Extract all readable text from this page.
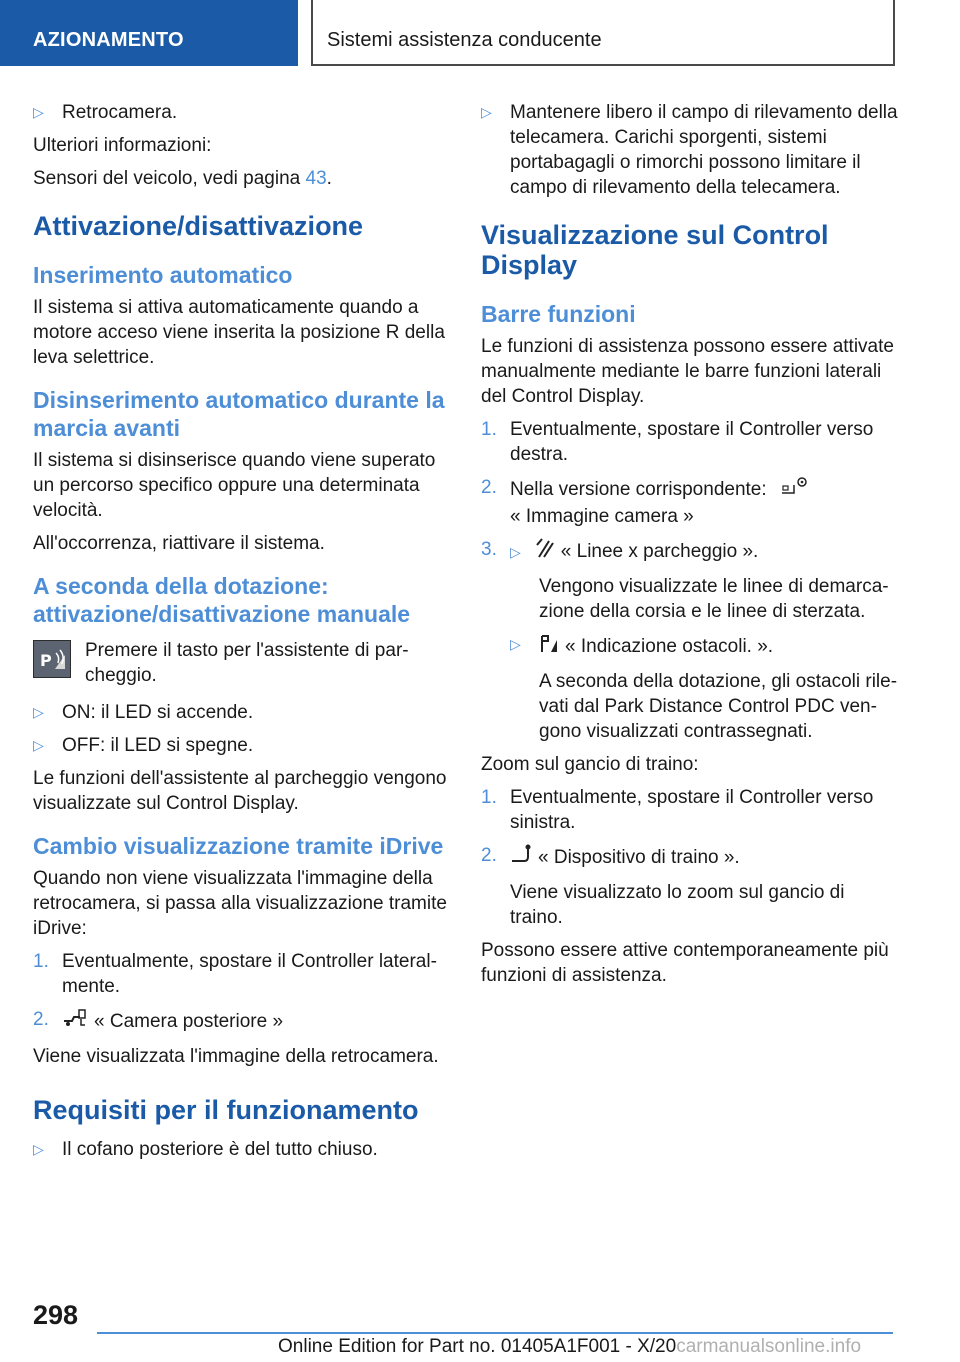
AZIONAMENTO	Sistemi assistenza conducente
▷ Retrocamera.

Ulteriori informazioni:

Sensori del veicolo, vedi pagina 43.

Attivazione/disattivazione
Inserimento automatico

Il sistema si attiva automaticamente quando a motore acceso viene inserita la posizione R della leva selettrice.

Disinserimento automatico durante la marcia avanti

Il sistema si disinserisce quando viene superato un percorso specifico oppure una determinata velocità.

All'occorrenza, riattivare il sistema.

A seconda della dotazione: attivazione/disattivazione manuale
P Premere il tasto per l'assistente di parcheggio.
▷ ON: il LED si accende.
▷ OFF: il LED si spegne.

Le funzioni dell'assistente al parcheggio vengono visualizzate sul Control Display.

Cambio visualizzazione tramite iDrive

Quando non viene visualizzata l'immagine della retrocamera, si passa alla visualizzazione tramite iDrive:

1. Eventualmente, spostare il Controller lateralmente.
2. « Camera posteriore »

Viene visualizzata l'immagine della retrocamera.

Requisiti per il funzionamento
▷ Il cofano posteriore è del tutto chiuso.
▷ Mantenere libero il campo di rilevamento della telecamera. Carichi sporgenti, sistemi portabagagli o rimorchi possono limitare il campo di rilevamento della telecamera.
Visualizzazione sul Control Display
Barre funzioni

Le funzioni di assistenza possono essere attivate manualmente mediante le barre funzioni laterali del Control Display.

1. Eventualmente, spostare il Controller verso destra.
2. Nella versione corrispondente:
« Immagine camera »
3. ▷ « Linee x parcheggio ».
Vengono visualizzate le linee di demarcazione della corsia e le linee di sterzata.
▷ « Indicazione ostacoli. ».
A seconda della dotazione, gli ostacoli rilevati dal Park Distance Control PDC vengono visualizzati contrassegnati.

Zoom sul gancio di traino:

1. Eventualmente, spostare il Controller verso sinistra.
2. « Dispositivo di traino ».
Viene visualizzato lo zoom sul gancio di traino.

Possono essere attive contemporaneamente più funzioni di assistenza.

298
Online Edition for Part no. 01405A1F001 - X/20carmanualsonline.info
